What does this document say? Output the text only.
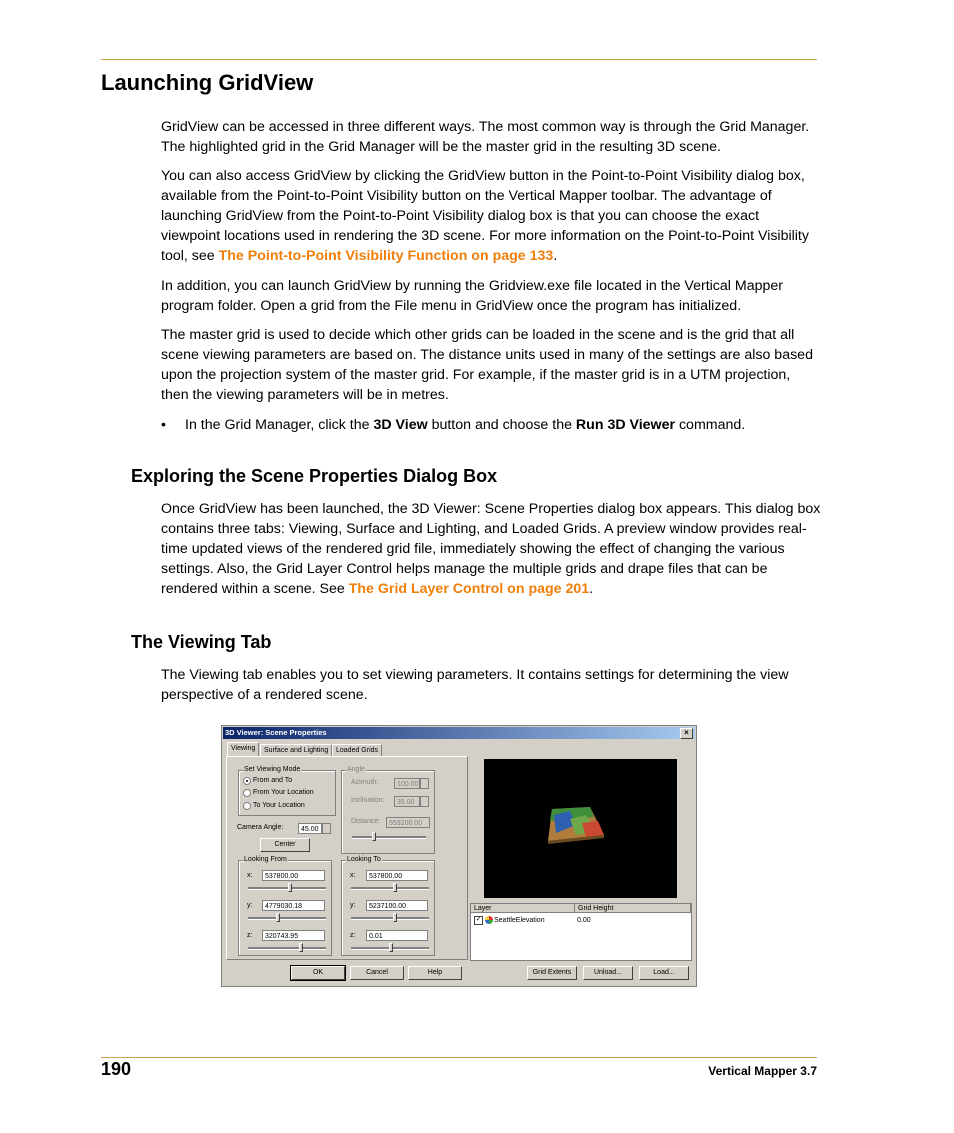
Launching GridView

GridView can be accessed in three different ways. The most common way is through the Grid Manager. The highlighted grid in the Grid Manager will be the master grid in the resulting 3D scene.

You can also access GridView by clicking the GridView button in the Point-to-Point Visibility dialog box, available from the Point-to-Point Visibility button on the Vertical Mapper toolbar. The advantage of launching GridView from the Point-to-Point Visibility dialog box is that you can choose the exact viewpoint locations used in rendering the 3D scene. For more information on the Point-to-Point Visibility tool, see The Point-to-Point Visibility Function on page 133.

In addition, you can launch GridView by running the Gridview.exe file located in the Vertical Mapper program folder. Open a grid from the File menu in GridView once the program has initialized.

The master grid is used to decide which other grids can be loaded in the scene and is the grid that all scene viewing parameters are based on. The distance units used in many of the settings are also based upon the projection system of the master grid. For example, if the master grid is in a UTM projection, then the viewing parameters will be in metres.

• In the Grid Manager, click the 3D View button and choose the Run 3D Viewer command.
Exploring the Scene Properties Dialog Box

Once GridView has been launched, the 3D Viewer: Scene Properties dialog box appears. This dialog box contains three tabs: Viewing, Surface and Lighting, and Loaded Grids. A preview window provides real-time updated views of the rendered grid file, immediately showing the effect of changing the various settings. Also, the Grid Layer Control helps manage the multiple grids and drape files that can be rendered within a scene. See The Grid Layer Control on page 201.

The Viewing Tab

The Viewing tab enables you to set viewing parameters. It contains settings for determining the view perspective of a rendered scene.

3D Viewer: Scene Properties	×
Viewing	Surface and Lighting	Loaded Grids
Set Viewing Mode
From and To
From Your Location
To Your Location
Angle
Azimuth:	100.00
Inclination:	35.00
Distance:	559200.00
Camera Angle:	45.00
Center
Looking From
x:	537800.00
y:	4779030.18
z:	320743.95
Looking To
x:	537800.00
y:	5237100.00
z:	0.01
Layer	Grid Height
✓ SeattleElevation	0.00
OK	Cancel	Help	Grid Extents	Unload...	Load...
190	Vertical Mapper 3.7
